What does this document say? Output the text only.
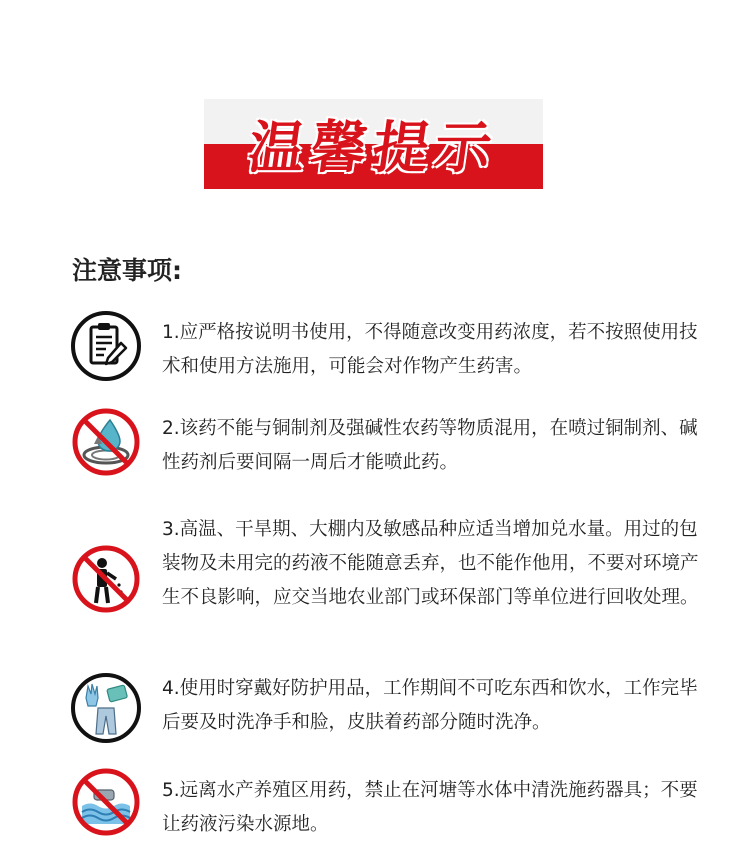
温馨提示
注意事项:
1.应严格按说明书使用，不得随意改变用药浓度，若不按照使用技术和使用方法施用，可能会对作物产生药害。
2.该药不能与铜制剂及强碱性农药等物质混用，在喷过铜制剂、碱性药剂后要间隔一周后才能喷此药。
3.高温、干旱期、大棚内及敏感品种应适当增加兑水量。用过的包装物及未用完的药液不能随意丢弃，也不能作他用，不要对环境产生不良影响，应交当地农业部门或环保部门等单位进行回收处理。
4.使用时穿戴好防护用品，工作期间不可吃东西和饮水，工作完毕后要及时洗净手和脸，皮肤着药部分随时洗净。
5.远离水产养殖区用药，禁止在河塘等水体中清洗施药器具；不要让药液污染水源地。
